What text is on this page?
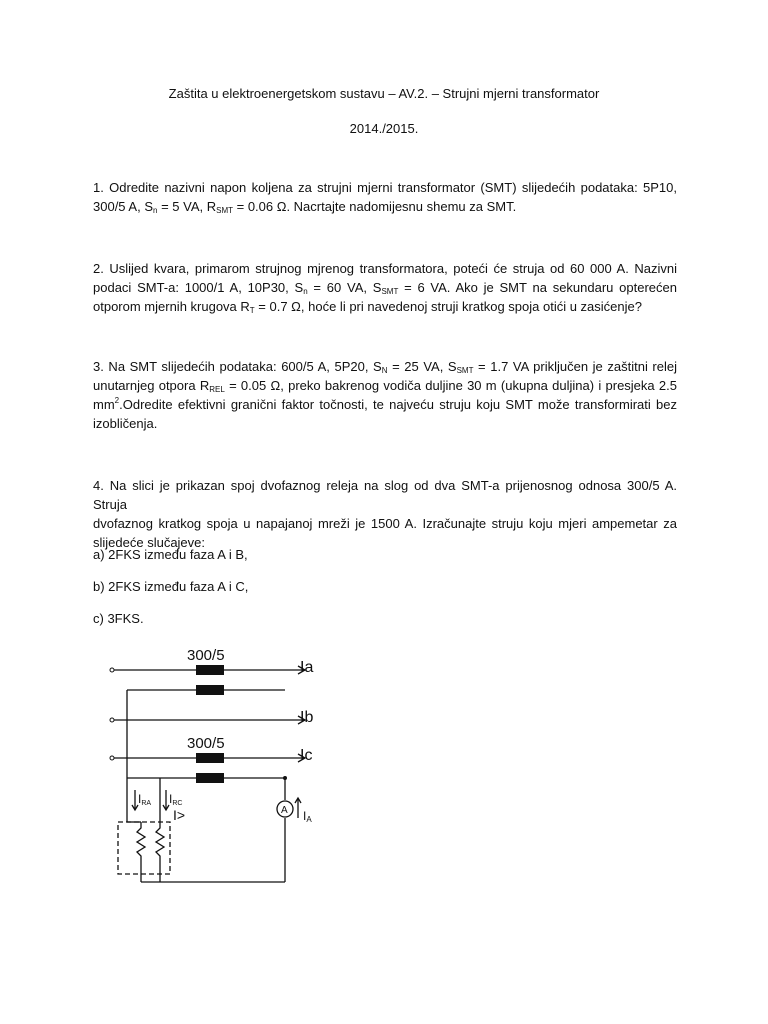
Zaštita u elektroenergetskom sustavu – AV.2. – Strujni mjerni transformator
2014./2015.
1. Odredite nazivni napon koljena za strujni mjerni transformator (SMT) slijedećih podataka: 5P10,
300/5 A, $S_n = 5$ VA, $R_{SMT} = 0.06$ Ω. Nacrtajte nadomijesnu shemu za SMT.
2. Uslijed kvara, primarom strujnog mjrenog transformatora, poteći će struja od 60 000 A. Nazivni
podaci SMT-a: 1000/1 A, 10P30, $S_n = 60$ VA, $S_{SMT} = 6$ VA. Ako je SMT na sekundaru opterećen
otporom mjernih krugova $R_T = 0.7$ Ω, hoće li pri navedenoj struji kratkog spoja otići u zasićenje?
3. Na SMT slijedećih podataka: 600/5 A, 5P20, $S_N = 25$ VA, $S_{SMT} = 1.7$ VA priključen je zaštitni relej
unutarnjeg otpora $R_{REL} = 0.05$ Ω, preko bakrenog vodiča duljine 30 m (ukupna duljina) i presjeka 2.5
$mm^2.Odredite$ efektivni granični faktor točnosti, te najveću struju koju SMT može transformirati bez
izobličenja.
4. Na slici je prikazan spoj dvofaznog releja na slog od dva SMT-a prijenosnog odnosa 300/5 A. Struja
dvofaznog kratkog spoja u napajanoj mreži je 1500 A. Izračunajte struju koju mjeri ampemetar za
slijedeće slučajeve:
a) 2FKS između faza A i B,
b) 2FKS između faza A i C,
c) 3FKS.
300/5
300/5
Ia
Ib
Ic
A IA
IRA IRC
I>
